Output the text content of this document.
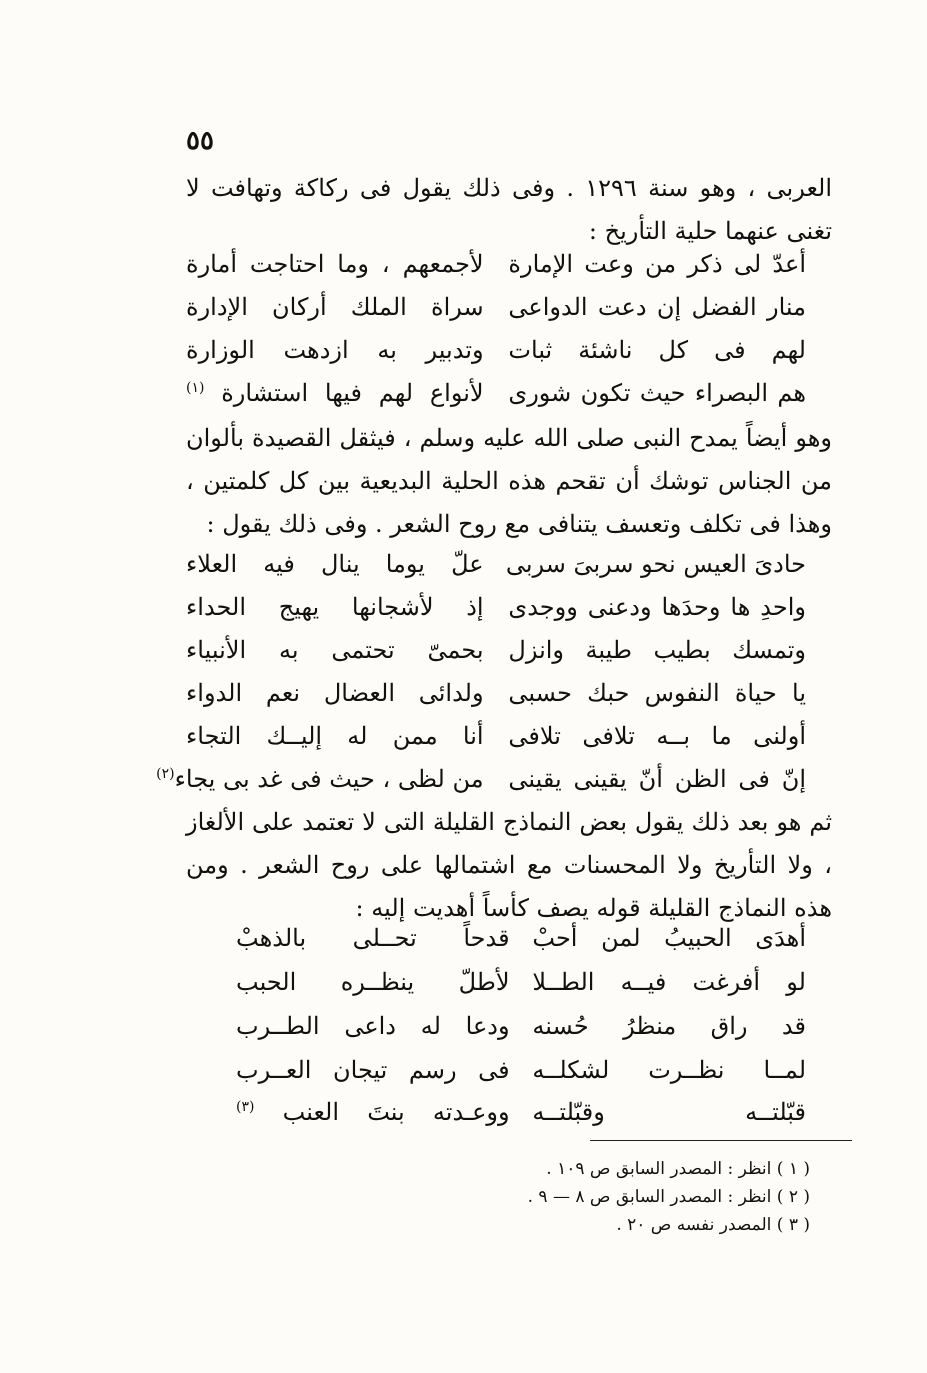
٥٥

العربى ، وهو سنة ١٢٩٦ . وفى ذلك يقول فى ركاكة وتهافت لا تغنى عنهما حلية التأريخ :

أعدّ لى ذكر من وعت الإمارة
لأجمعهم ، وما احتاجت أمارة
منار الفضل إن دعت الدواعى
سراة الملك أركان الإدارة
لهم فى كل ناشئة ثبات
وتدبير به ازدهت الوزارة
هم البصراء حيث تكون شورى
لأنواع لهم فيها استشارة $^{(١)}$

وهو أيضاً يمدح النبى صلى الله عليه وسلم ، فيثقل القصيدة بألوان من الجناس توشك أن تقحم هذه الحلية البديعية بين كل كلمتين ، وهذا فى تكلف وتعسف يتنافى مع روح الشعر . وفى ذلك يقول :

حادىَ العيس نحو سربىَ سربى
علّ يوما ينال فيه العلاء
واحدِ ها وحدَها ودعنى ووجدى
إذ لأشجانها يهيج الحداء
وتمسك بطيب طيبة وانزل
بحمىّ تحتمى به الأنبياء
يا حياة النفوس حبك حسبى
ولدائى العضال نعم الدواء
أولنى ما بــه تلافى تلافى
أنا ممن له إليــك التجاء
إنّ فى الظن أنّ يقينى يقينى
من لظى ، حيث فى غد بى يجاء$^{(٢)}$

ثم هو بعد ذلك يقول بعض النماذج القليلة التى لا تعتمد على الألغاز ، ولا التأريخ ولا المحسنات مع اشتمالها على روح الشعر . ومن هذه النماذج القليلة قوله يصف كأساً أهديت إليه :

أهدَى الحبيبُ لمن أحبْ
قدحاً تحــلى بالذهبْ
لو أفرغت فيــه الطــلا
لأطلّ ينظــره الحبب
قد راق منظرُ حُسنه
ودعا له داعى الطــرب
لمــا نظــرت لشكلــه
فى رسم تيجان العــرب
قبّلتــه وقبّلتــه
ووعـدته بنتَ العنب $^{(٣)}$
( ١ ) انظر : المصدر السابق ص ١٠٩ .
( ٢ ) انظر : المصدر السابق ص ٨ — ٩ .
( ٣ ) المصدر نفسه ص ٢٠ .
